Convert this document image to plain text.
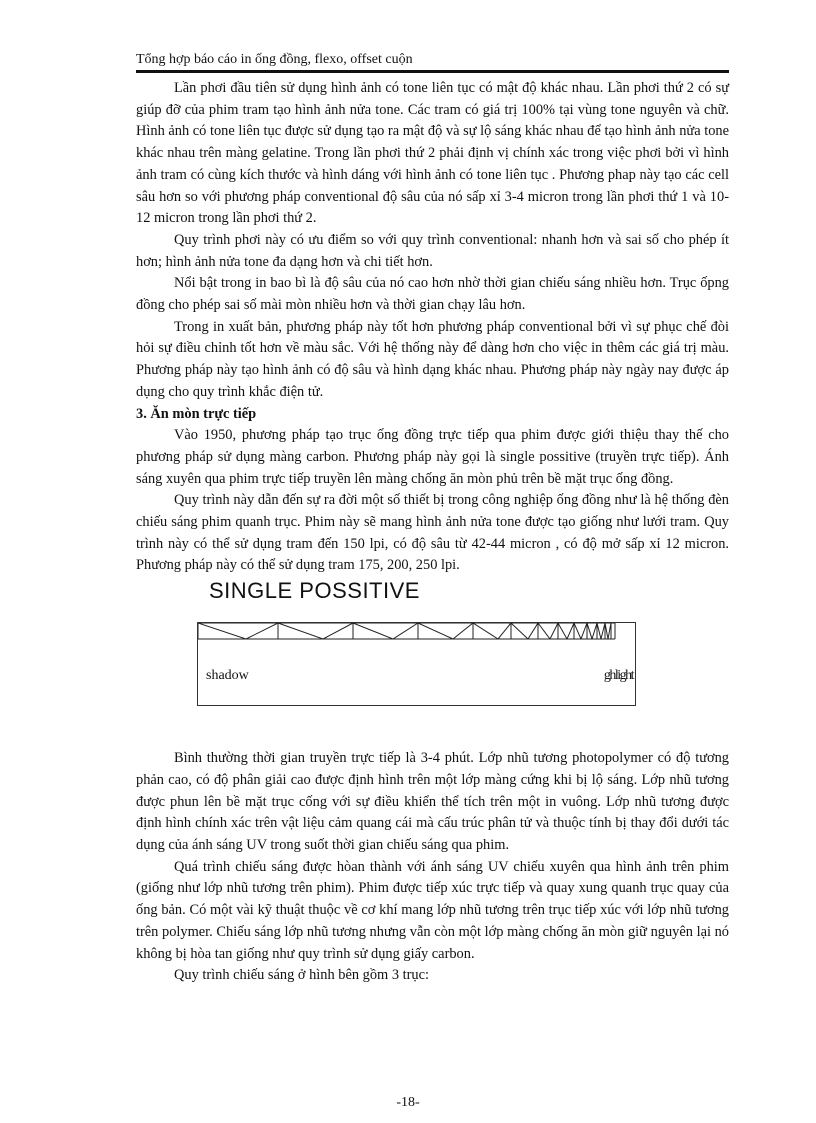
Tổng hợp báo cáo in ống đồng, flexo, offset cuộn

Lần phơi đầu tiên sử dụng hình ảnh có tone liên tục có mật độ khác nhau. Lần phơi thứ 2 có sự giúp đỡ của phim tram tạo hình ảnh nửa tone. Các tram có giá trị 100% tại vùng tone nguyên và chữ. Hình ảnh có tone liên tục được sử dụng tạo ra mật độ và sự lộ sáng khác nhau để tạo hình ảnh nửa tone khác nhau trên màng gelatine. Trong lần phơi thứ 2 phải định vị chính xác trong việc phơi bởi vì hình ảnh tram có cùng kích thước và hình dáng với hình ảnh có tone liên tục . Phương phap này tạo các cell sâu hơn so với phương pháp conventional độ sâu của nó sấp xỉ 3-4 micron trong lần phơi thứ 1 và 10-12 micron trong lần phơi thứ 2.

Quy trình phơi này có ưu điểm so với quy trình conventional: nhanh hơn và sai số cho phép ít hơn; hình ảnh nửa tone đa dạng hơn và chi tiết hơn.

Nổi bật trong in bao bì là độ sâu của nó cao hơn nhờ thời gian chiếu sáng nhiều hơn. Trục ốpng đồng cho phép sai số mài mòn nhiều hơn và thời gian chạy lâu hơn.

Trong in xuất bản, phương pháp này tốt hơn phương pháp conventional bởi vì sự phục chế đòi hỏi sự điều chỉnh tốt hơn về màu sắc. Với hệ thống này để dàng hơn cho việc in thêm các giá trị màu. Phương pháp này tạo hình ảnh có độ sâu và hình dạng khác nhau. Phương pháp này ngày nay được áp dụng cho quy trình khắc điện tử.

3. Ăn mòn trực tiếp

Vào 1950, phương pháp tạo trục ống đồng trực tiếp qua phim được giới thiệu thay thế cho phương pháp sử dụng màng carbon. Phương pháp này gọi là single possitive (truyền trực tiếp). Ánh sáng xuyên qua phim trực tiếp truyền lên màng chống ăn mòn phủ trên bề mặt trục ống đồng.

Quy trình này dẫn đến sự ra đời một số thiết bị trong công nghiệp ống đồng như là hệ thống đèn chiếu sáng phim quanh trục. Phim này sẽ mang hình ảnh nửa tone được tạo giống như lưới tram. Quy trình này có thể sử dụng tram đến 150 lpi, có độ sâu từ 42-44 micron , có độ mở sấp xỉ 12 micron. Phương pháp này có thể sử dụng tram 175, 200, 250 lpi.

SINGLE POSSITIVE
shadow	ghlight

Bình thường thời gian truyền trực tiếp là 3-4 phút. Lớp nhũ tương photopolymer có độ tương phản cao, có độ phân giải cao được định hình trên một lớp màng cứng khi bị lộ sáng. Lớp nhũ tương được phun lên bề mặt trục cống với sự điều khiển thể tích trên một in vuông. Lớp nhũ tương được định hình chính xác trên vật liệu cảm quang cái mà cấu trúc phân tử và thuộc tính bị thay đổi dưới tác dụng của ánh sáng UV trong suốt thời gian chiếu sáng qua phim.

Quá trình chiếu sáng được hòan thành với ánh sáng UV chiếu xuyên qua hình ảnh trên phim (giống như lớp nhũ tương trên phim). Phim được tiếp xúc trực tiếp và quay xung quanh trục quay của ống bản. Có một vài kỹ thuật thuộc về cơ khí mang lớp nhũ tương trên trục tiếp xúc với lớp nhũ tương trên polymer. Chiếu sáng lớp nhũ tương nhưng vẫn còn một lớp màng chống ăn mòn giữ nguyên lại nó không bị hòa tan giống như quy trình sử dụng giấy carbon.

Quy trình chiếu sáng ở hình bên gồm 3 trục:

-18-
